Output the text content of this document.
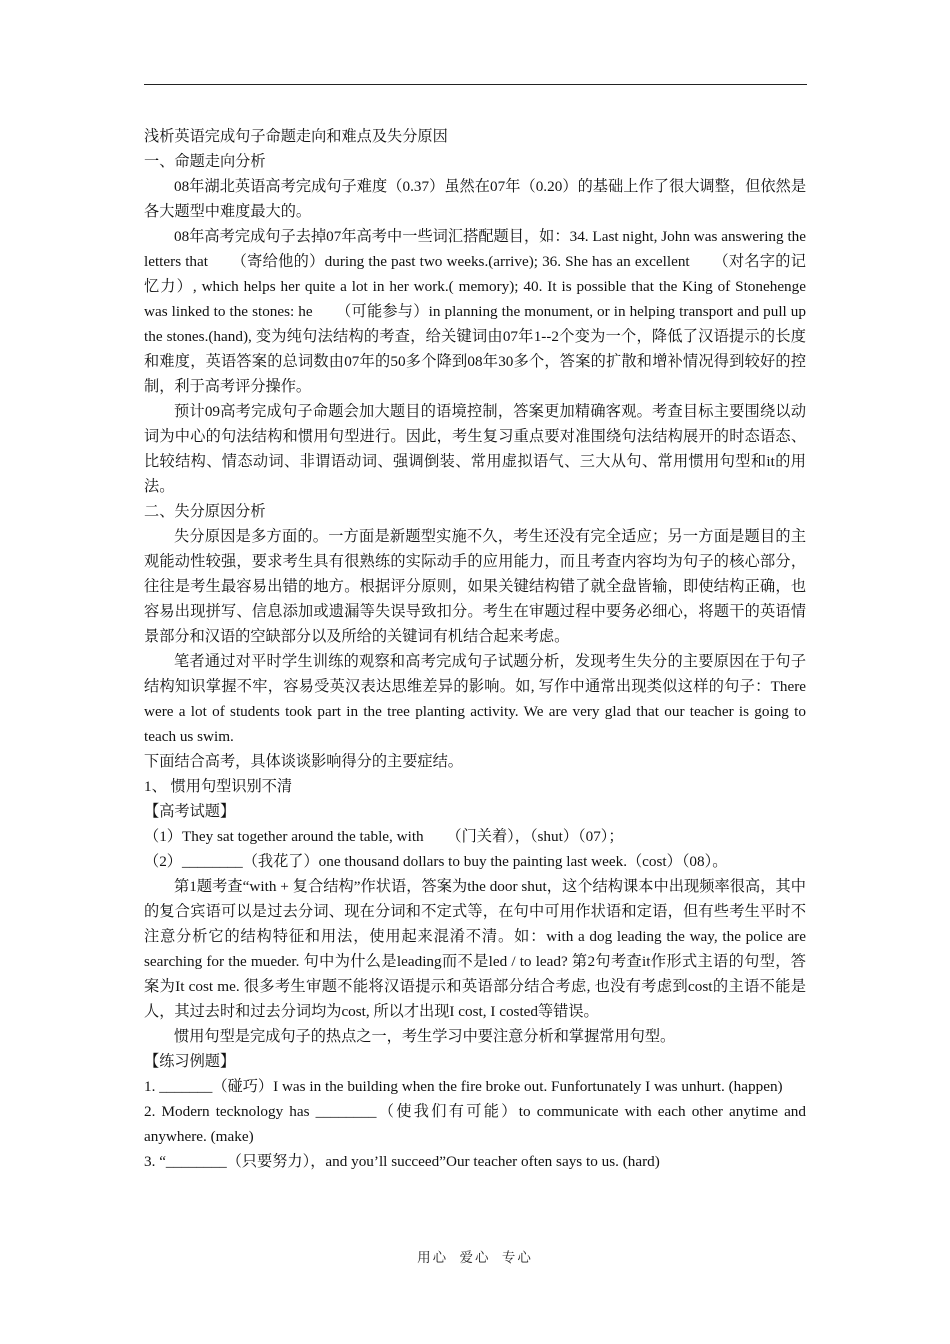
浅析英语完成句子命题走向和难点及失分原因

一、命题走向分析

08年湖北英语高考完成句子难度（0.37）虽然在07年（0.20）的基础上作了很大调整，但依然是各大题型中难度最大的。

08年高考完成句子去掉07年高考中一些词汇搭配题目，如：34. Last night, John was answering the letters that　　（寄给他的）during the past two weeks.(arrive); 36. She has an excellent　　（对名字的记忆力）, which helps her quite a lot in her work.( memory); 40. It is possible that the King of Stonehenge was linked to the stones: he　　（可能参与）in planning the monument, or in helping transport and pull up the stones.(hand), 变为纯句法结构的考查，给关键词由07年1--2个变为一个，降低了汉语提示的长度和难度，英语答案的总词数由07年的50多个降到08年30多个，答案的扩散和增补情况得到较好的控制，利于高考评分操作。

预计09高考完成句子命题会加大题目的语境控制，答案更加精确客观。考查目标主要围绕以动词为中心的句法结构和惯用句型进行。因此，考生复习重点要对准围绕句法结构展开的时态语态、比较结构、情态动词、非谓语动词、强调倒装、常用虚拟语气、三大从句、常用惯用句型和it的用法。

二、失分原因分析

失分原因是多方面的。一方面是新题型实施不久，考生还没有完全适应；另一方面是题目的主观能动性较强，要求考生具有很熟练的实际动手的应用能力，而且考查内容均为句子的核心部分，往往是考生最容易出错的地方。根据评分原则，如果关键结构错了就全盘皆输，即使结构正确，也容易出现拼写、信息添加或遗漏等失误导致扣分。考生在审题过程中要务必细心，将题干的英语情景部分和汉语的空缺部分以及所给的关键词有机结合起来考虑。

笔者通过对平时学生训练的观察和高考完成句子试题分析，发现考生失分的主要原因在于句子结构知识掌握不牢，容易受英汉表达思维差异的影响。如, 写作中通常出现类似这样的句子：There were a lot of students took part in the tree planting activity. We are very glad that our teacher is going to teach us swim.

下面结合高考，具体谈谈影响得分的主要症结。

1、 惯用句型识别不清

【高考试题】

（1）They sat together around the table, with　　（门关着），（shut）（07）；

（2）________（我花了）one thousand dollars to buy the painting last week.（cost）（08）。

第1题考查“with + 复合结构”作状语，答案为the door shut，这个结构课本中出现频率很高，其中的复合宾语可以是过去分词、现在分词和不定式等，在句中可用作状语和定语，但有些考生平时不注意分析它的结构特征和用法，使用起来混淆不清。如：with a dog leading the way, the police are searching for the mueder. 句中为什么是leading而不是led / to lead? 第2句考查it作形式主语的句型，答案为It cost me. 很多考生审题不能将汉语提示和英语部分结合考虑, 也没有考虑到cost的主语不能是人，其过去时和过去分词均为cost, 所以才出现I cost, I costed等错误。

惯用句型是完成句子的热点之一，考生学习中要注意分析和掌握常用句型。

【练习例题】

1. _______（碰巧）I was in the building when the fire broke out. Funfortunately I was unhurt. (happen)

2. Modern tecknology has ________（使我们有可能）to communicate with each other anytime and anywhere. (make)

3. “________（只要努力），and you’ll succeed”Our teacher often says to us. (hard)

用心 爱心 专心
